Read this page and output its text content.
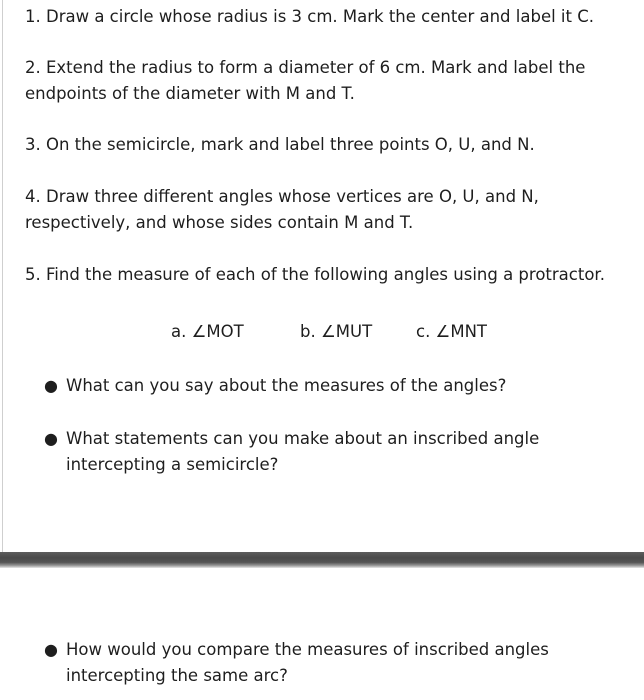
1. Draw a circle whose radius is 3 cm. Mark the center and label it C.

2. Extend the radius to form a diameter of 6 cm. Mark and label the endpoints of the diameter with M and T.

3. On the semicircle, mark and label three points O, U, and N.

4. Draw three different angles whose vertices are O, U, and N, respectively, and whose sides contain M and T.

5. Find the measure of each of the following angles using a protractor.

a. ∠MOT	b. ∠MUT	c. ∠MNT
● What can you say about the measures of the angles?
● What statements can you make about an inscribed angle intercepting a semicircle?
● How would you compare the measures of inscribed angles intercepting the same arc?
